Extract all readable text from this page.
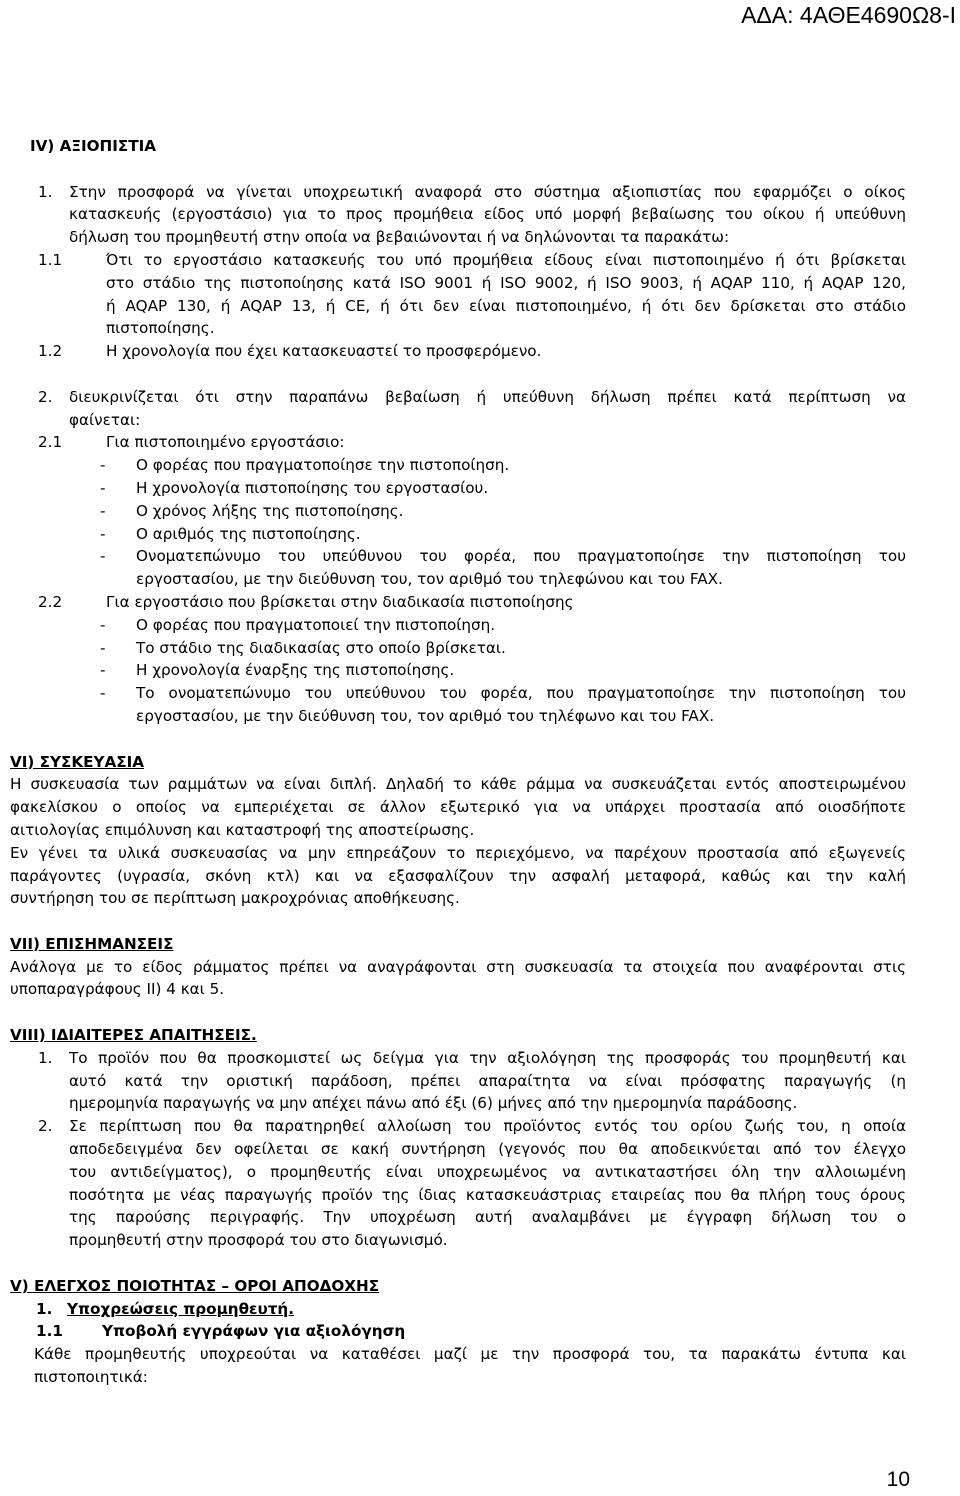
ΑΔΑ: 4ΑΘΕ4690Ω8-Ι
IV) ΑΞΙΟΠΙΣΤΙΑ
1.	Στην προσφορά να γίνεται υποχρεωτική αναφορά στο σύστημα αξιοπιστίας που εφαρμόζει ο οίκος
κατασκευής (εργοστάσιο) για το προς προμήθεια είδος υπό μορφή βεβαίωσης του οίκου ή υπεύθυνη
δήλωση του προμηθευτή στην οποία να βεβαιώνονται ή να δηλώνονται τα παρακάτω:
1.1	Ότι το εργοστάσιο κατασκευής του υπό προμήθεια είδους είναι πιστοποιημένο ή ότι βρίσκεται
στο στάδιο της πιστοποίησης κατά ISO 9001 ή ISO 9002, ή ISO 9003, ή AQAP 110, ή AQAP 120,
ή AQAP 130, ή AQAP 13, ή CE, ή ότι δεν είναι πιστοποιημένο, ή ότι δεν δρίσκεται στο στάδιο
πιστοποίησης.
1.2	Η χρονολογία που έχει κατασκευαστεί το προσφερόμενο.
2.	διευκρινίζεται ότι στην παραπάνω βεβαίωση ή υπεύθυνη δήλωση πρέπει κατά περίπτωση να
φαίνεται:
2.1	Για πιστοποιημένο εργοστάσιο:
-	Ο φορέας που πραγματοποίησε την πιστοποίηση.
-	Η χρονολογία πιστοποίησης του εργοστασίου.
-	Ο χρόνος λήξης της πιστοποίησης.
-	Ο αριθμός της πιστοποίησης.
-	Ονοματεπώνυμο του υπεύθυνου του φορέα, που πραγματοποίησε την πιστοποίηση του
εργοστασίου, με την διεύθυνση του, τον αριθμό του τηλεφώνου και του FAX.
2.2	Για εργοστάσιο που βρίσκεται στην διαδικασία πιστοποίησης
-	Ο φορέας που πραγματοποιεί την πιστοποίηση.
-	Το στάδιο της διαδικασίας στο οποίο βρίσκεται.
-	Η χρονολογία έναρξης της πιστοποίησης.
-	Το ονοματεπώνυμο του υπεύθυνου του φορέα, που πραγματοποίησε την πιστοποίηση του
εργοστασίου, με την διεύθυνση του, τον αριθμό του τηλέφωνο και του FAX.
VI) ΣΥΣΚΕΥΑΣΙΑ
Η συσκευασία των ραμμάτων να είναι διπλή. Δηλαδή το κάθε ράμμα να συσκευάζεται εντός αποστειρωμένου
φακελίσκου ο οποίος να εμπεριέχεται σε άλλον εξωτερικό για να υπάρχει προστασία από οιοσδήποτε
αιτιολογίας επιμόλυνση και καταστροφή της αποστείρωσης.
Εν γένει τα υλικά συσκευασίας να μην επηρεάζουν το περιεχόμενο, να παρέχουν προστασία από εξωγενείς
παράγοντες (υγρασία, σκόνη κτλ) και να εξασφαλίζουν την ασφαλή μεταφορά, καθώς και την καλή
συντήρηση του σε περίπτωση μακροχρόνιας αποθήκευσης.
VII) ΕΠΙΣΗΜΑΝΣΕΙΣ
Ανάλογα με το είδος ράμματος πρέπει να αναγράφονται στη συσκευασία τα στοιχεία που αναφέρονται στις
υποπαραγράφους II) 4 και 5.
VIII) ΙΔΙΑΙΤΕΡΕΣ ΑΠΑΙΤΗΣΕΙΣ.
1.	Το προϊόν που θα προσκομιστεί ως δείγμα για την αξιολόγηση της προσφοράς του προμηθευτή και
αυτό κατά την οριστική παράδοση, πρέπει απαραίτητα να είναι πρόσφατης παραγωγής (η
ημερομηνία παραγωγής να μην απέχει πάνω από έξι (6) μήνες από την ημερομηνία παράδοσης.
2.	Σε περίπτωση που θα παρατηρηθεί αλλοίωση του προϊόντος εντός του ορίου ζωής του, η οποία
αποδεδειγμένα δεν οφείλεται σε κακή συντήρηση (γεγονός που θα αποδεικνύεται από τον έλεγχο
του αντιδείγματος), ο προμηθευτής είναι υποχρεωμένος να αντικαταστήσει όλη την αλλοιωμένη
ποσότητα με νέας παραγωγής προϊόν της ίδιας κατασκευάστριας εταιρείας που θα πλήρη τους όρους
της παρούσης περιγραφής. Την υποχρέωση αυτή αναλαμβάνει με έγγραφη δήλωση του ο
προμηθευτή στην προσφορά του στο διαγωνισμό.
V) ΕΛΕΓΧΟΣ ΠΟΙΟΤΗΤΑΣ – ΟΡΟΙ ΑΠΟΔΟΧΗΣ
1. Υποχρεώσεις προμηθευτή.
1.1	Υποβολή εγγράφων για αξιολόγηση
Κάθε προμηθευτής υποχρεούται να καταθέσει μαζί με την προσφορά του, τα παρακάτω έντυπα και
πιστοποιητικά:
10
